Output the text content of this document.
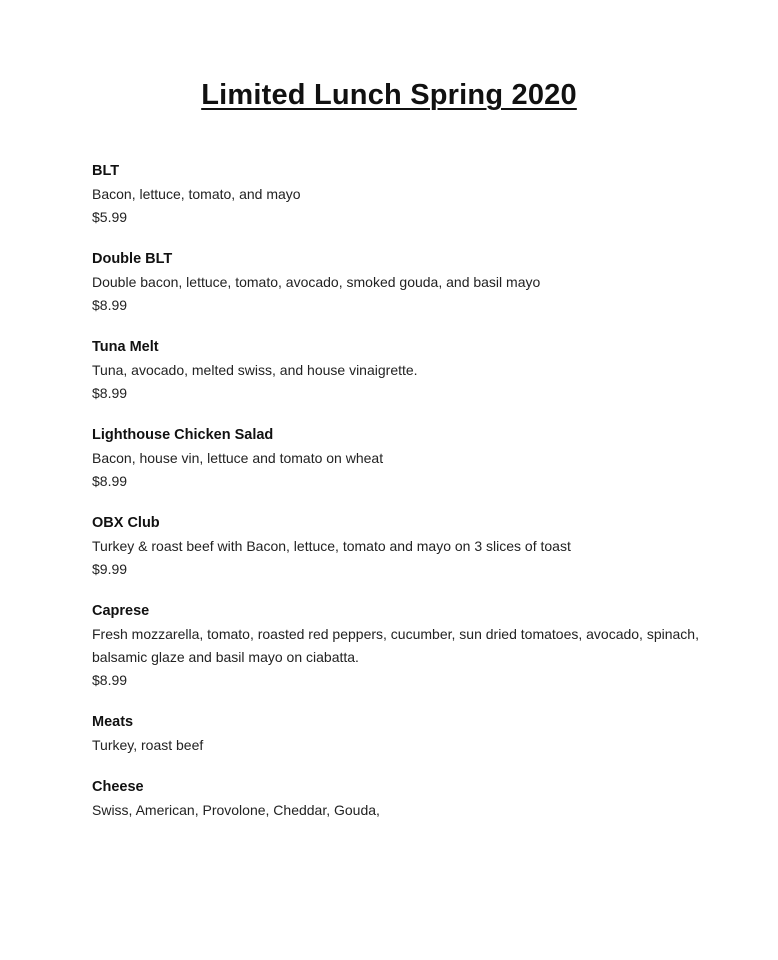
Limited Lunch Spring 2020
BLT
Bacon, lettuce, tomato, and mayo
$5.99
Double BLT
Double bacon, lettuce, tomato, avocado, smoked gouda, and basil mayo
$8.99
Tuna Melt
Tuna, avocado, melted swiss, and house vinaigrette.
$8.99
Lighthouse Chicken Salad
Bacon, house vin, lettuce and tomato on wheat
$8.99
OBX Club
Turkey & roast beef with Bacon, lettuce, tomato and mayo on 3 slices of toast
$9.99
Caprese
Fresh mozzarella, tomato, roasted red peppers, cucumber, sun dried tomatoes, avocado, spinach, balsamic glaze and basil mayo on ciabatta.
$8.99
Meats
Turkey, roast beef
Cheese
Swiss, American, Provolone, Cheddar, Gouda,
